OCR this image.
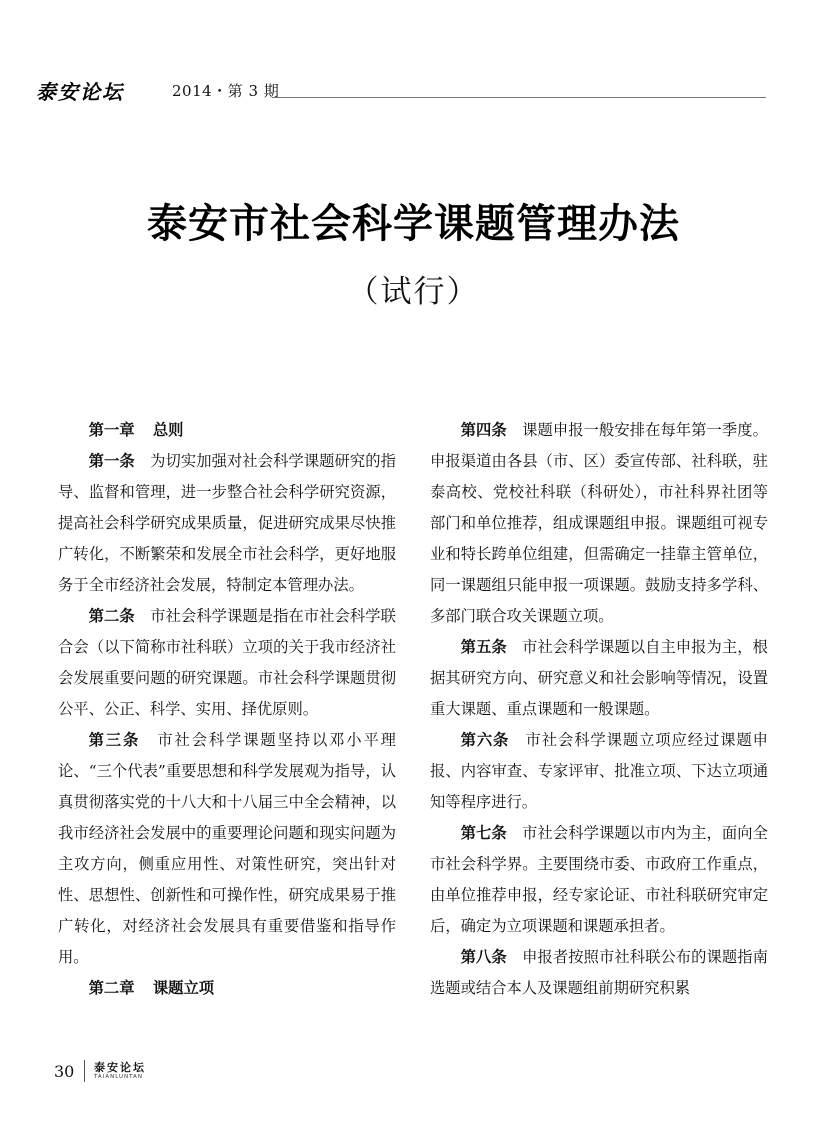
泰安论坛	2014・第 3 期
泰安市社会科学课题管理办法
（试行）
第一章 总则

第一条　 为切实加强对社会科学课题研究的指导、监督和管理，进一步整合社会科学研究资源，提高社会科学研究成果质量，促进研究成果尽快推广转化，不断繁荣和发展全市社会科学，更好地服务于全市经济社会发展，特制定本管理办法。

第二条　 市社会科学课题是指在市社会科学联合会（以下简称市社科联）立项的关于我市经济社会发展重要问题的研究课题。市社会科学课题贯彻公平、公正、科学、实用、择优原则。

第三条　 市社会科学课题坚持以邓小平理论、“三个代表”重要思想和科学发展观为指导，认真贯彻落实党的十八大和十八届三中全会精神，以我市经济社会发展中的重要理论问题和现实问题为主攻方向，侧重应用性、对策性研究，突出针对性、思想性、创新性和可操作性，研究成果易于推广转化，对经济社会发展具有重要借鉴和指导作用。

第二章 课题立项

第四条　 课题申报一般安排在每年第一季度。申报渠道由各县（市、区）委宣传部、社科联，驻泰高校、党校社科联（科研处），市社科界社团等部门和单位推荐，组成课题组申报。课题组可视专业和特长跨单位组建，但需确定一挂靠主管单位，同一课题组只能申报一项课题。鼓励支持多学科、多部门联合攻关课题立项。

第五条　 市社会科学课题以自主申报为主，根据其研究方向、研究意义和社会影响等情况，设置重大课题、重点课题和一般课题。

第六条　 市社会科学课题立项应经过课题申报、内容审查、专家评审、批准立项、下达立项通知等程序进行。

第七条　 市社会科学课题以市内为主，面向全市社会科学界。主要围绕市委、市政府工作重点，由单位推荐申报，经专家论证、市社科联研究审定后，确定为立项课题和课题承担者。

第八条　 申报者按照市社科联公布的课题指南选题或结合本人及课题组前期研究积累

30 泰安论坛
TAIANLUNTAN
